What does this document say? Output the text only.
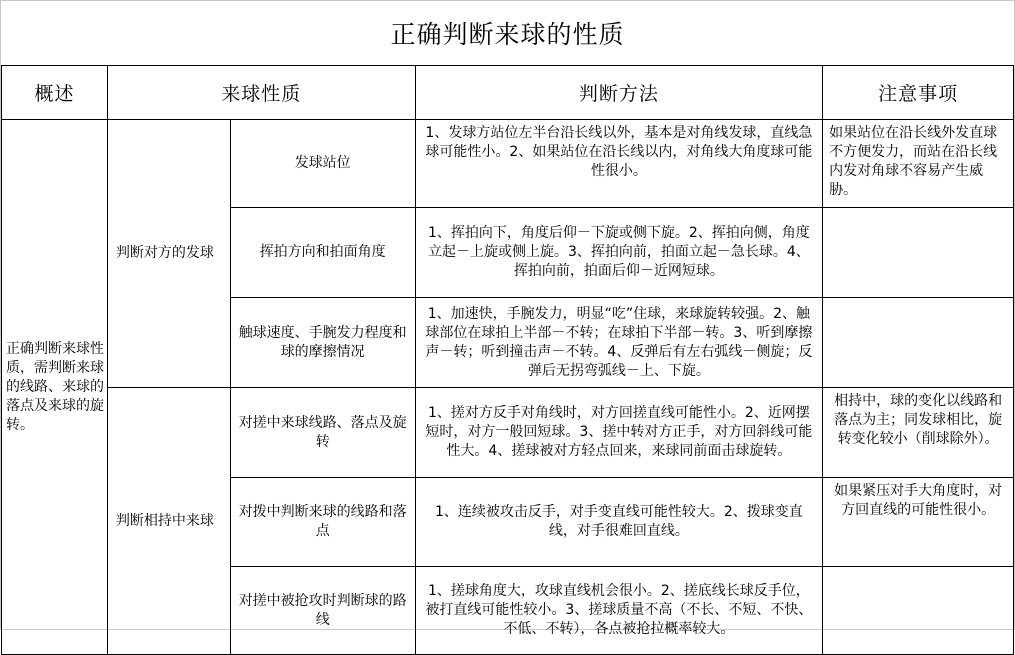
正确判断来球的性质
概述	来球性质		判断方法	注意事项
正确判断来球性质，需判断来球的线路、来球的落点及来球的旋转。	判断对方的发球	发球站位	1、发球方站位左半台沿长线以外，基本是对角线发球，直线急球可能性小。2、如果站位在沿长线以内，对角线大角度球可能性很小。	如果站位在沿长线外发直球不方便发力，而站在沿长线内发对角球不容易产生威胁。
		挥拍方向和拍面角度	1、挥拍向下，角度后仰－下旋或侧下旋。2、挥拍向侧，角度立起－上旋或侧上旋。3、挥拍向前，拍面立起－急长球。4、挥拍向前，拍面后仰－近网短球。	
		触球速度、手腕发力程度和球的摩擦情况	1、加速快，手腕发力，明显“吃”住球，来球旋转较强。2、触球部位在球拍上半部－不转；在球拍下半部－转。3、听到摩擦声－转；听到撞击声－不转。4、反弹后有左右弧线－侧旋；反弹后无拐弯弧线－上、下旋。	
	判断相持中来球	对搓中来球线路、落点及旋转	1、搓对方反手对角线时，对方回搓直线可能性小。2、近网摆短时，对方一般回短球。3、搓中转对方正手，对方回斜线可能性大。4、搓球被对方轻点回来，来球同前面击球旋转。	相持中，球的变化以线路和落点为主；同发球相比，旋转变化较小（削球除外）。
		对拨中判断来球的线路和落点	1、连续被攻击反手，对手变直线可能性较大。2、拨球变直线，对手很难回直线。	如果紧压对手大角度时，对方回直线的可能性很小。
		对搓中被抢攻时判断球的路线	1、搓球角度大，攻球直线机会很小。2、搓底线长球反手位，被打直线可能性较小。3、搓球质量不高（不长、不短、不快、不低、不转），各点被抢拉概率较大。	
